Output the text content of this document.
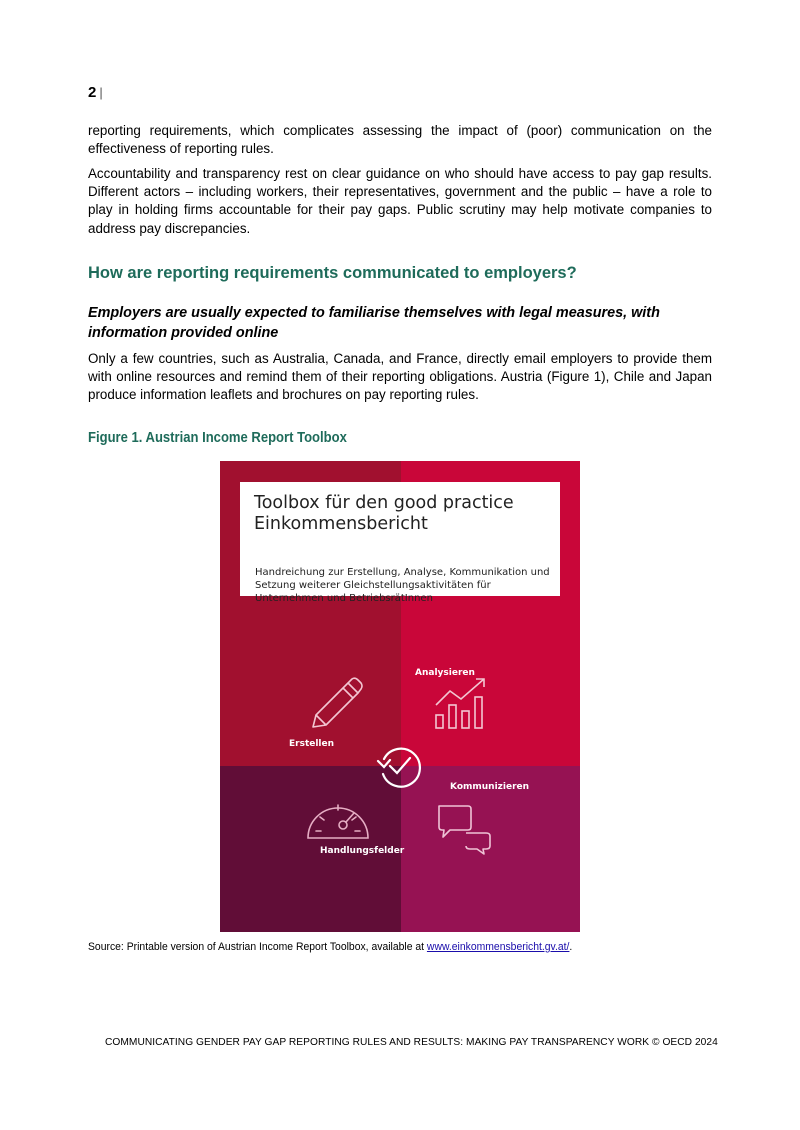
2 |

reporting requirements, which complicates assessing the impact of (poor) communication on the effectiveness of reporting rules.

Accountability and transparency rest on clear guidance on who should have access to pay gap results. Different actors – including workers, their representatives, government and the public – have a role to play in holding firms accountable for their pay gaps. Public scrutiny may help motivate companies to address pay discrepancies.

How are reporting requirements communicated to employers?
Employers are usually expected to familiarise themselves with legal measures, with information provided online

Only a few countries, such as Australia, Canada, and France, directly email employers to provide them with online resources and remind them of their reporting obligations. Austria (Figure 1), Chile and Japan produce information leaflets and brochures on pay reporting rules.

Figure 1. Austrian Income Report Toolbox
Toolbox für den good practice
Einkommensbericht
Handreichung zur Erstellung, Analyse, Kommunikation und Setzung weiterer Gleichstellungsaktivitäten für Unternehmen und BetriebsrätInnen
Analysieren
Erstellen
Kommunizieren
Handlungsfelder

Source: Printable version of Austrian Income Report Toolbox, available at www.einkommensbericht.gv.at/.

COMMUNICATING GENDER PAY GAP REPORTING RULES AND RESULTS: MAKING PAY TRANSPARENCY WORK © OECD 2024
